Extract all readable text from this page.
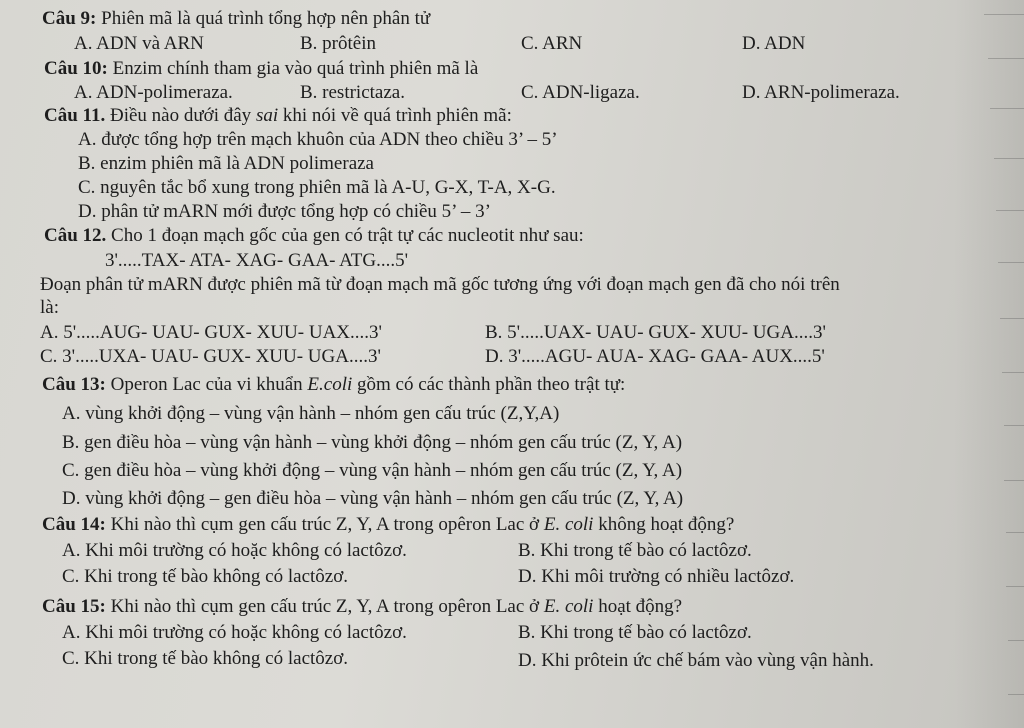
Câu 9: Phiên mã là quá trình tổng hợp nên phân tử
A. ADN và ARN	B. prôtêin	C. ARN	D. ADN
Câu 10: Enzim chính tham gia vào quá trình phiên mã là
A. ADN-polimeraza.	B. restrictaza.	C. ADN-ligaza.	D. ARN-polimeraza.
Câu 11. Điều nào dưới đây sai khi nói về quá trình phiên mã:
A. được tổng hợp trên mạch khuôn của ADN theo chiều 3’ – 5’
B. enzim phiên mã là ADN polimeraza
C. nguyên tắc bổ xung trong phiên mã là A-U, G-X, T-A, X-G.
D. phân tử mARN mới được tổng hợp có chiều 5’ – 3’
Câu 12. Cho 1 đoạn mạch gốc của gen có trật tự các nucleotit như sau:
3'.....TAX- ATA- XAG- GAA- ATG....5'
Đoạn phân tử mARN được phiên mã từ đoạn mạch mã gốc tương ứng với đoạn mạch gen đã cho nói trên
là:
A. 5'.....AUG- UAU- GUX- XUU- UAX....3'	B. 5'.....UAX- UAU- GUX- XUU- UGA....3'
C. 3'.....UXA- UAU- GUX- XUU- UGA....3'	D. 3'.....AGU- AUA- XAG- GAA- AUX....5'
Câu 13: Operon Lac của vi khuẩn E.coli gồm có các thành phần theo trật tự:
A. vùng khởi động – vùng vận hành – nhóm gen cấu trúc (Z,Y,A)
B. gen điều hòa – vùng vận hành – vùng khởi động – nhóm gen cấu trúc (Z, Y, A)
C. gen điều hòa – vùng khởi động – vùng vận hành – nhóm gen cấu trúc (Z, Y, A)
D. vùng khởi động – gen điều hòa – vùng vận hành – nhóm gen cấu trúc (Z, Y, A)
Câu 14: Khi nào thì cụm gen cấu trúc Z, Y, A trong opêron Lac ở E. coli không hoạt động?
A. Khi môi trường có hoặc không có lactôzơ.	B. Khi trong tế bào có lactôzơ.
C. Khi trong tế bào không có lactôzơ.	D. Khi môi trường có nhiều lactôzơ.
Câu 15: Khi nào thì cụm gen cấu trúc Z, Y, A trong opêron Lac ở E. coli hoạt động?
A. Khi môi trường có hoặc không có lactôzơ.	B. Khi trong tế bào có lactôzơ.
C. Khi trong tế bào không có lactôzơ.	D. Khi prôtein ức chế bám vào vùng vận hành.
